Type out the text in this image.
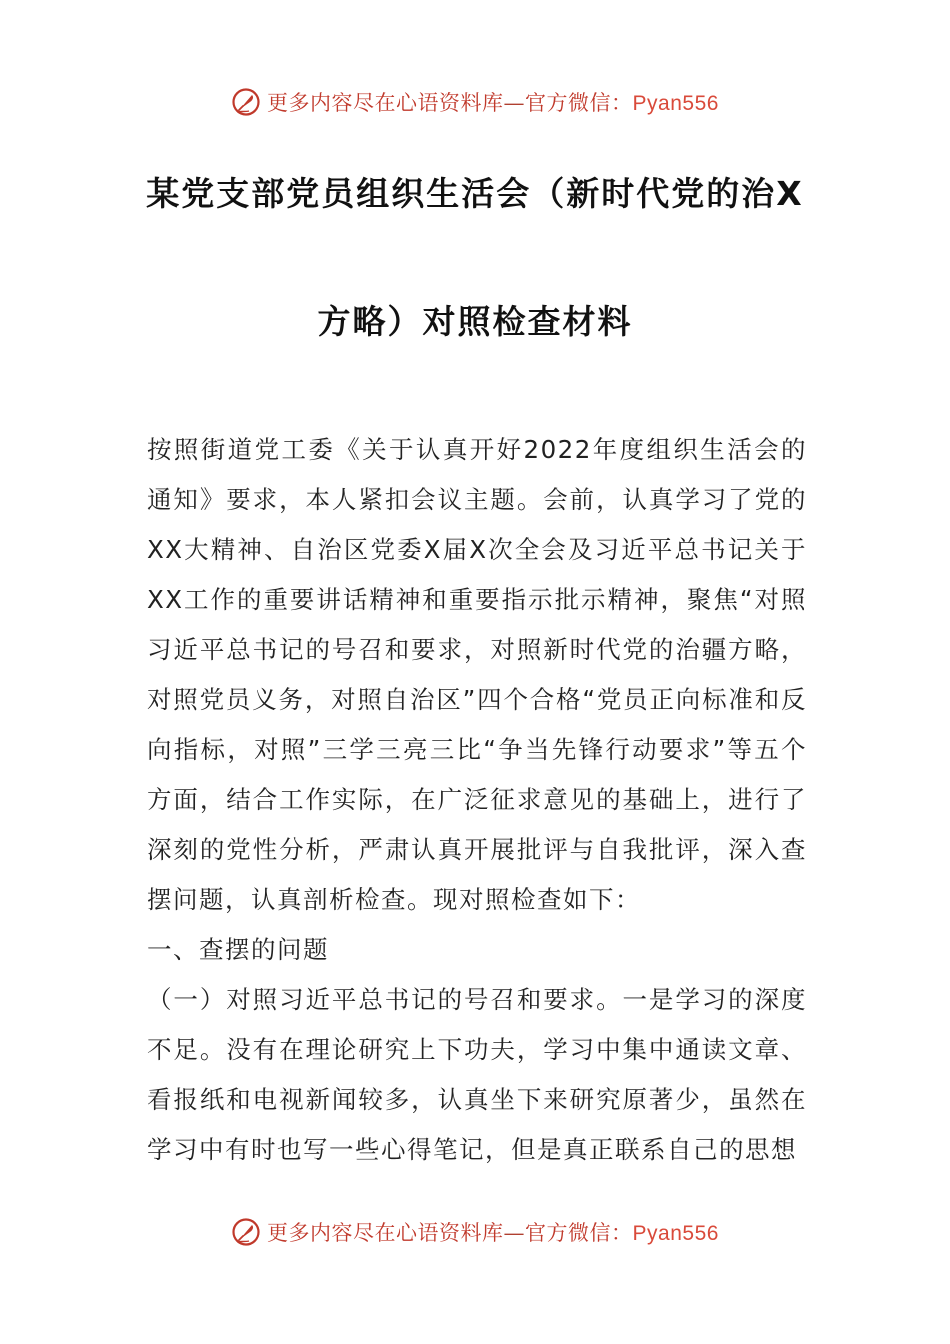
更多内容尽在心语资料库—官方微信：Pyan556
某党支部党员组织生活会（新时代党的治X
方略）对照检查材料

按照街道党工委《关于认真开好2022年度组织生活会的通知》要求，本人紧扣会议主题。会前，认真学习了党的XX大精神、自治区党委X届X次全会及习近平总书记关于XX工作的重要讲话精神和重要指示批示精神，聚焦“对照习近平总书记的号召和要求，对照新时代党的治疆方略，对照党员义务，对照自治区”四个合格“党员正向标准和反向指标，对照”三学三亮三比“争当先锋行动要求”等五个方面，结合工作实际，在广泛征求意见的基础上，进行了深刻的党性分析，严肃认真开展批评与自我批评，深入查摆问题，认真剖析检查。现对照检查如下：

一、查摆的问题

（一）对照习近平总书记的号召和要求。一是学习的深度不足。没有在理论研究上下功夫，学习中集中通读文章、看报纸和电视新闻较多，认真坐下来研究原著少，虽然在学习中有时也写一些心得笔记，但是真正联系自己的思想

更多内容尽在心语资料库—官方微信：Pyan556
